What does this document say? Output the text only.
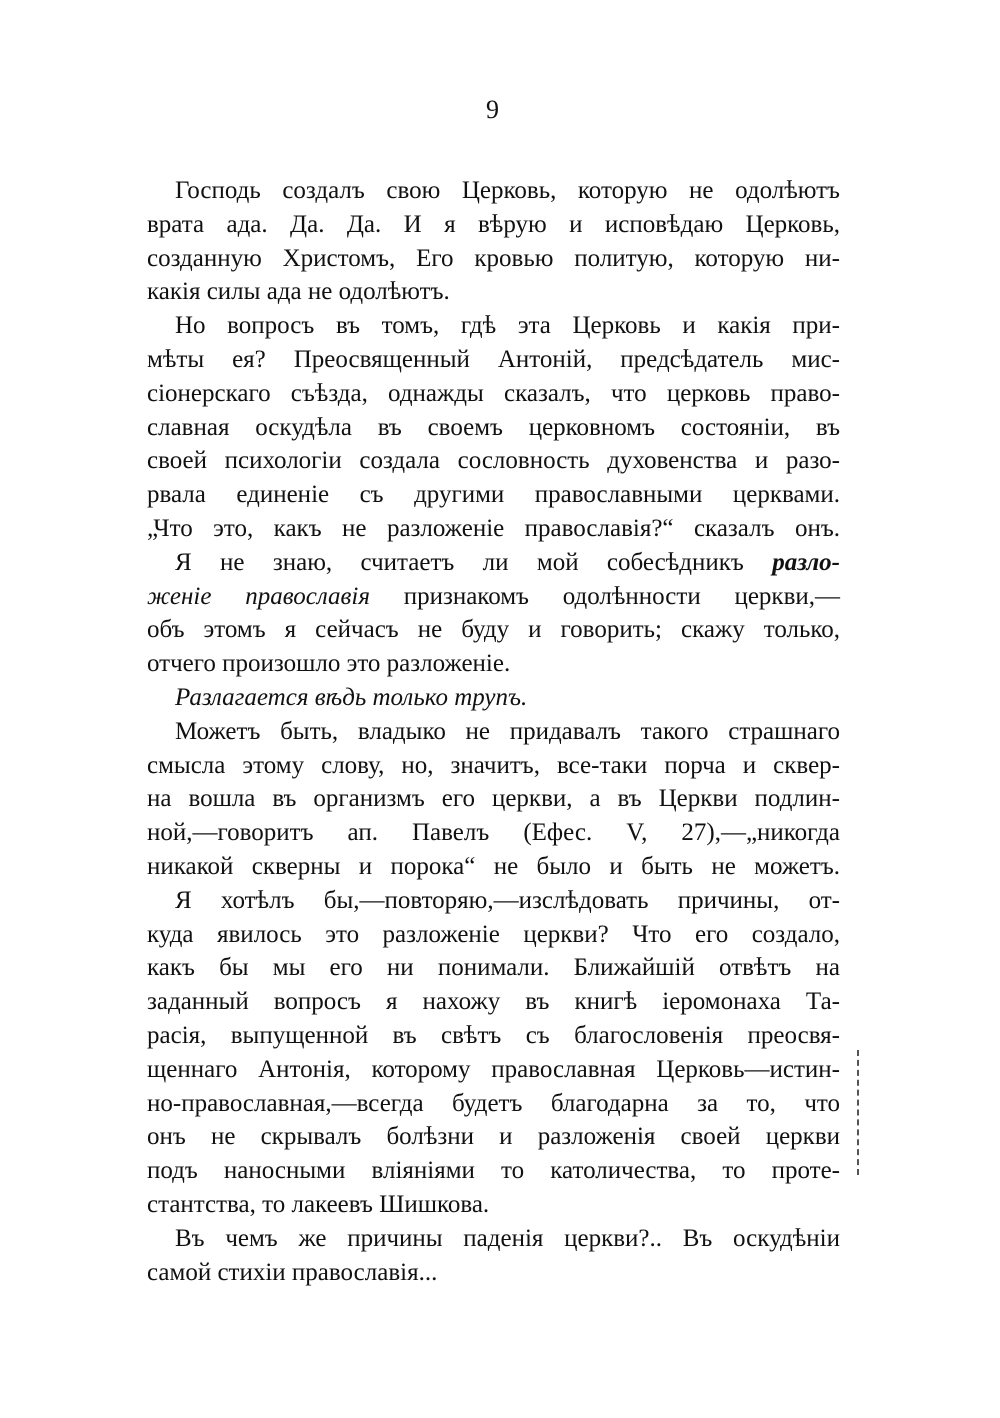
9
Господь создалъ свою Церковь, которую не одолѣютъ
врата ада. Да. Да. И я вѣрую и исповѣдаю Церковь,
созданную Христомъ, Его кровью политую, которую ни-
какія силы ада не одолѣютъ.
Но вопросъ въ томъ, гдѣ эта Церковь и какія при-
мѣты ея? Преосвященный Антоній, предсѣдатель мис-
сіонерскаго съѣзда, однажды сказалъ, что церковь право-
славная оскудѣла въ своемъ церковномъ состояніи, въ
своей психологіи создала сословность духовенства и разо-
рвала единеніе съ другими православными церквами.
„Что это, какъ не разложеніе православія?“ сказалъ онъ.
Я не знаю, считаетъ ли мой собесѣдникъ разло-
женіе православія признакомъ одолѣнности церкви,—
объ этомъ я сейчасъ не буду и говорить; скажу только,
отчего произошло это разложеніе.
Разлагается вѣдь только трупъ.
Можетъ быть, владыко не придавалъ такого страшнаго
смысла этому слову, но, значитъ, все-таки порча и сквер-
на вошла въ организмъ его церкви, а въ Церкви подлин-
ной,—говоритъ ап. Павелъ (Ефес. V, 27),—„никогда
никакой скверны и порока“ не было и быть не можетъ.
Я хотѣлъ бы,—повторяю,—изслѣдовать причины, от-
куда явилось это разложеніе церкви? Что его создало,
какъ бы мы его ни понимали. Ближайшій отвѣтъ на
заданный вопросъ я нахожу въ книгѣ іеромонаха Та-
расія, выпущенной въ свѣтъ съ благословенія преосвя-
щеннаго Антонія, которому православная Церковь—истин-
но-православная,—всегда будетъ благодарна за то, что
онъ не скрывалъ болѣзни и разложенія своей церкви
подъ наносными вліяніями то католичества, то проте-
стантства, то лакеевъ Шишкова.
Въ чемъ же причины паденія церкви?.. Въ оскудѣніи
самой стихіи православія...
